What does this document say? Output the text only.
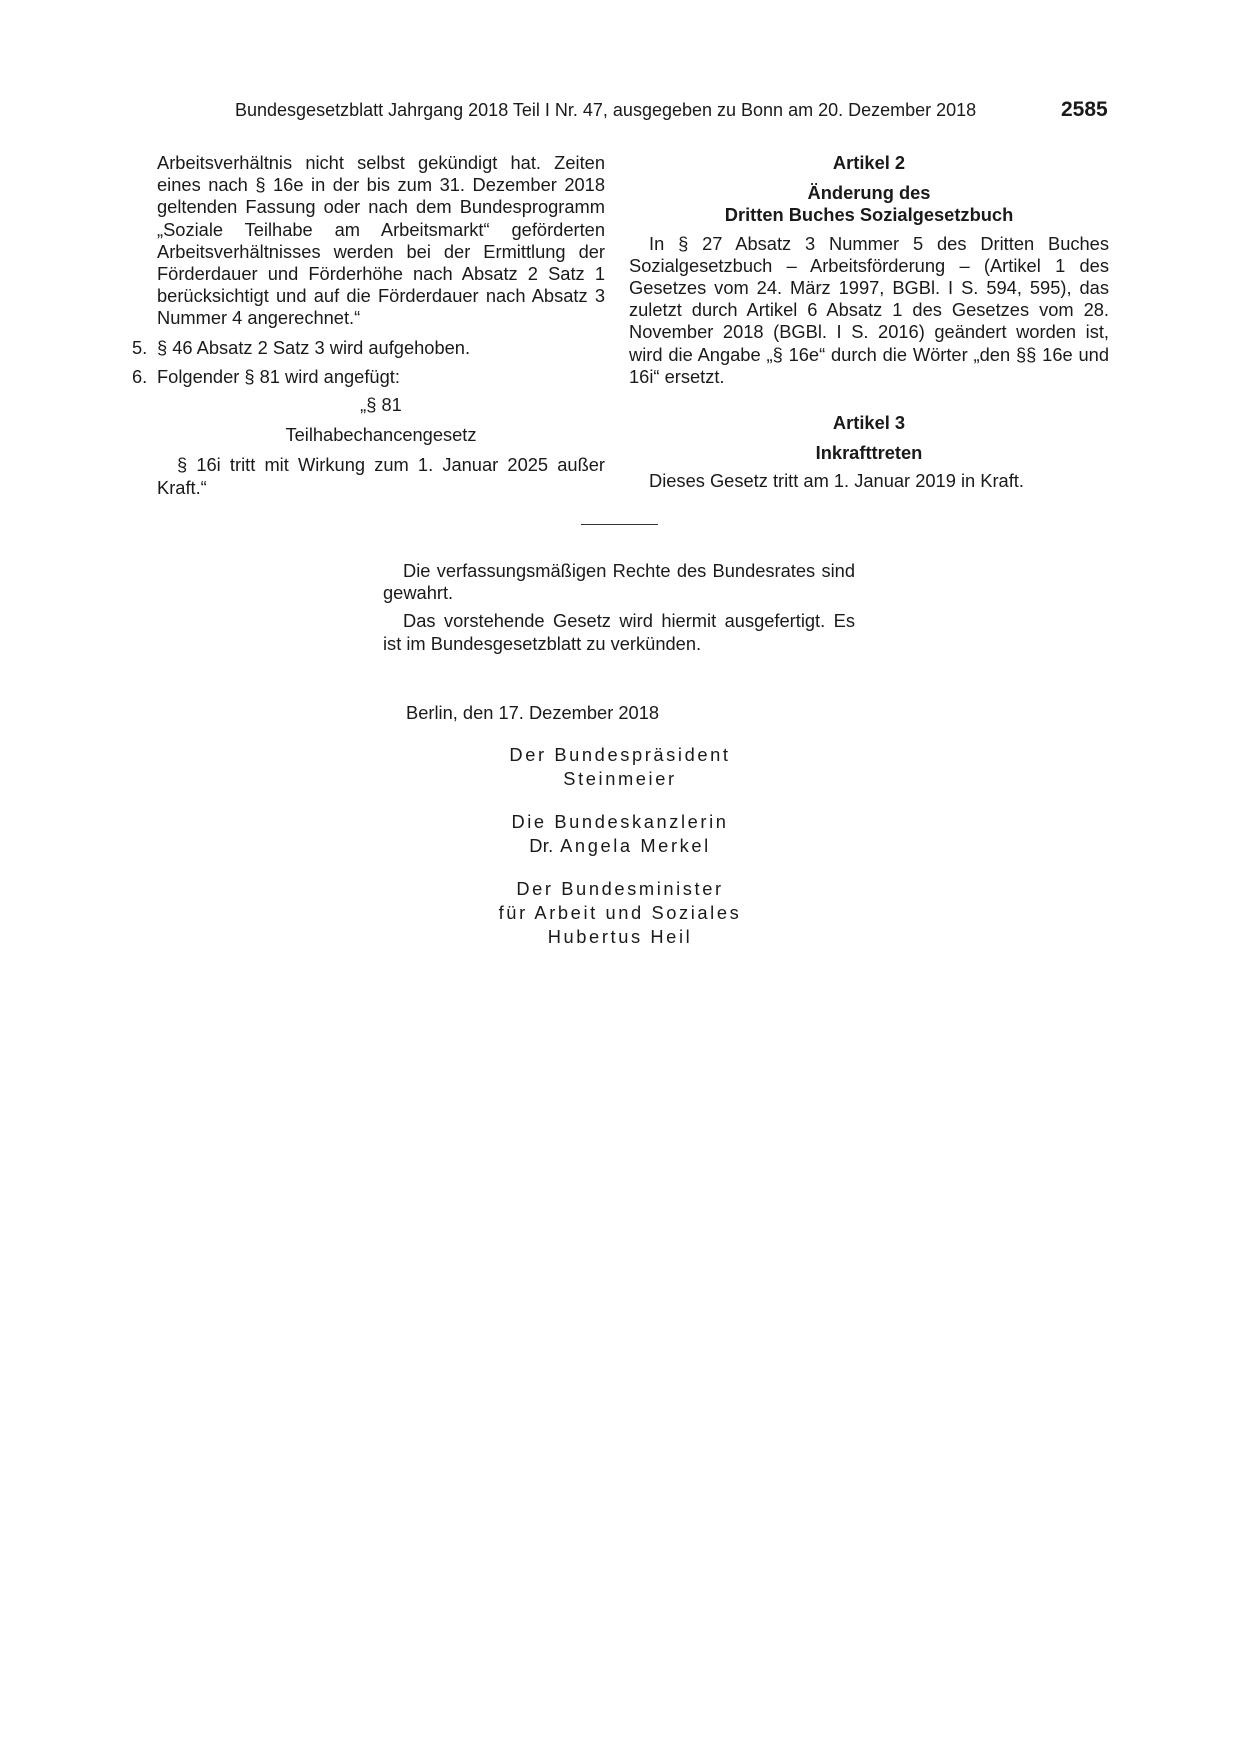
Bundesgesetzblatt Jahrgang 2018 Teil I Nr. 47, ausgegeben zu Bonn am 20. Dezember 2018	2585

Arbeitsverhältnis nicht selbst gekündigt hat. Zeiten eines nach § 16e in der bis zum 31. Dezember 2018 geltenden Fassung oder nach dem Bundesprogramm „Soziale Teilhabe am Arbeitsmarkt“ geförderten Arbeitsverhältnisses werden bei der Ermittlung der Förderdauer und Förderhöhe nach Absatz 2 Satz 1 berücksichtigt und auf die Förderdauer nach Absatz 3 Nummer 4 angerechnet.“

5. § 46 Absatz 2 Satz 3 wird aufgehoben.
6. Folgender § 81 wird angefügt:

„§ 81

Teilhabechancengesetz

§ 16i tritt mit Wirkung zum 1. Januar 2025 außer Kraft.“

Artikel 2

Änderung des

Dritten Buches Sozialgesetzbuch

In § 27 Absatz 3 Nummer 5 des Dritten Buches Sozialgesetzbuch – Arbeitsförderung – (Artikel 1 des Gesetzes vom 24. März 1997, BGBl. I S. 594, 595), das zuletzt durch Artikel 6 Absatz 1 des Gesetzes vom 28. November 2018 (BGBl. I S. 2016) geändert worden ist, wird die Angabe „§ 16e“ durch die Wörter „den §§ 16e und 16i“ ersetzt.

Artikel 3

Inkrafttreten

Dieses Gesetz tritt am 1. Januar 2019 in Kraft.

Die verfassungsmäßigen Rechte des Bundesrates sind gewahrt.

Das vorstehende Gesetz wird hiermit ausgefertigt. Es ist im Bundesgesetzblatt zu verkünden.

Berlin, den 17. Dezember 2018
Der Bundespräsident
Steinmeier
Die Bundeskanzlerin
Dr. Angela Merkel
Der Bundesminister
für Arbeit und Soziales
Hubertus Heil
